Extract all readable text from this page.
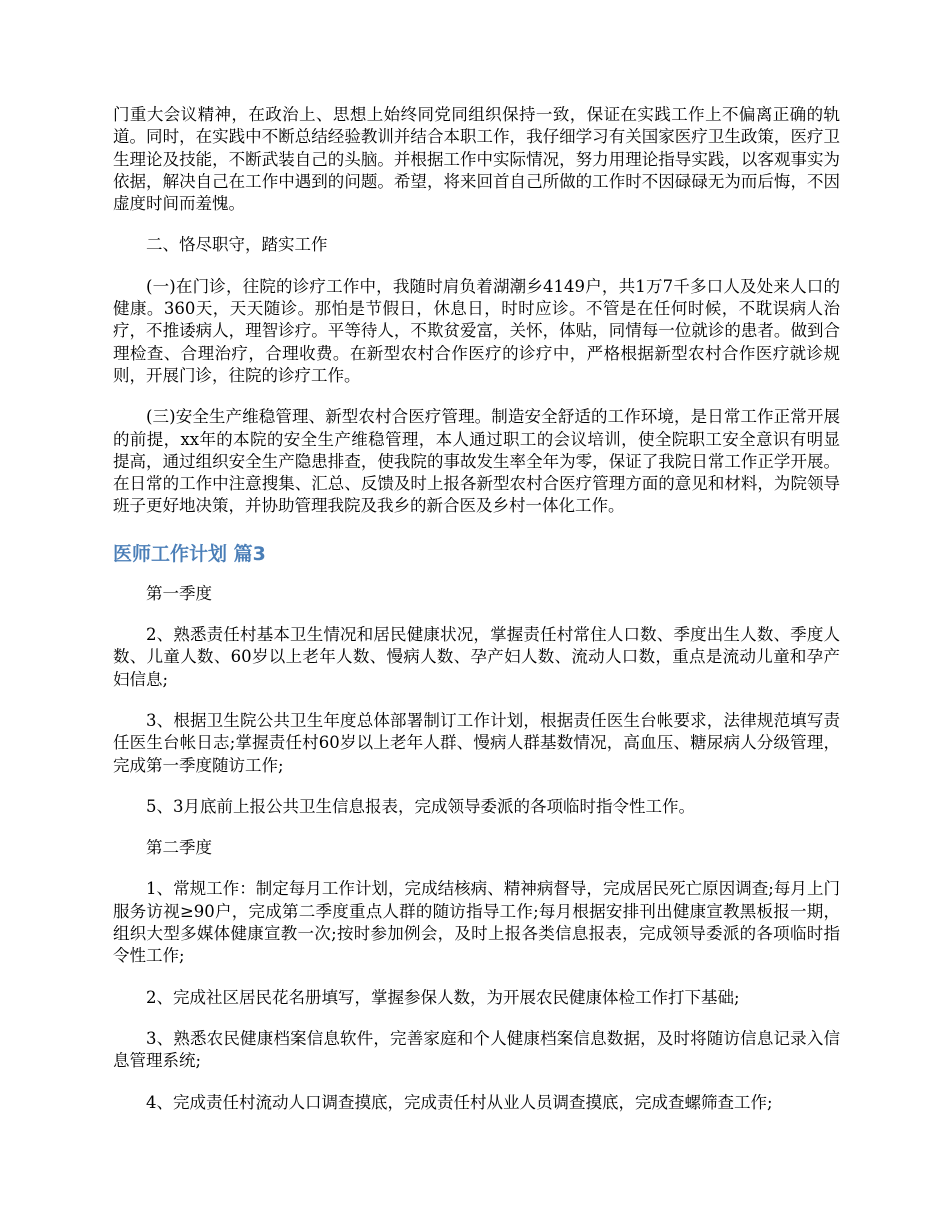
门重大会议精神，在政治上、思想上始终同党同组织保持一致，保证在实践工作上不偏离正确的轨道。同时，在实践中不断总结经验教训并结合本职工作，我仔细学习有关国家医疗卫生政策，医疗卫生理论及技能，不断武装自己的头脑。并根据工作中实际情况，努力用理论指导实践，以客观事实为依据，解决自己在工作中遇到的问题。希望，将来回首自己所做的工作时不因碌碌无为而后悔，不因虚度时间而羞愧。

二、恪尽职守，踏实工作

(一)在门诊，往院的诊疗工作中，我随时肩负着湖潮乡4149户，共1万7千多口人及处来人口的健康。360天，天天随诊。那怕是节假日，休息日，时时应诊。不管是在任何时候，不耽误病人治疗，不推诿病人，理智诊疗。平等待人，不欺贫爱富，关怀，体贴，同情每一位就诊的患者。做到合理检查、合理治疗，合理收费。在新型农村合作医疗的诊疗中，严格根据新型农村合作医疗就诊规则，开展门诊，往院的诊疗工作。

(三)安全生产维稳管理、新型农村合医疗管理。制造安全舒适的工作环境，是日常工作正常开展的前提，xx年的本院的安全生产维稳管理，本人通过职工的会议培训，使全院职工安全意识有明显提高，通过组织安全生产隐患排查，使我院的事故发生率全年为零，保证了我院日常工作正学开展。在日常的工作中注意搜集、汇总、反馈及时上报各新型农村合医疗管理方面的意见和材料，为院领导班子更好地决策，并协助管理我院及我乡的新合医及乡村一体化工作。

医师工作计划 篇3

第一季度

2、熟悉责任村基本卫生情况和居民健康状况，掌握责任村常住人口数、季度出生人数、季度人数、儿童人数、60岁以上老年人数、慢病人数、孕产妇人数、流动人口数，重点是流动儿童和孕产妇信息;

3、根据卫生院公共卫生年度总体部署制订工作计划，根据责任医生台帐要求，法律规范填写责任医生台帐日志;掌握责任村60岁以上老年人群、慢病人群基数情况，高血压、糖尿病人分级管理，完成第一季度随访工作;

5、3月底前上报公共卫生信息报表，完成领导委派的各项临时指令性工作。

第二季度

1、常规工作：制定每月工作计划，完成结核病、精神病督导，完成居民死亡原因调查;每月上门服务访视≥90户，完成第二季度重点人群的随访指导工作;每月根据安排刊出健康宣教黑板报一期，组织大型多媒体健康宣教一次;按时参加例会，及时上报各类信息报表，完成领导委派的各项临时指令性工作;

2、完成社区居民花名册填写，掌握参保人数，为开展农民健康体检工作打下基础;

3、熟悉农民健康档案信息软件，完善家庭和个人健康档案信息数据，及时将随访信息记录入信息管理系统;

4、完成责任村流动人口调查摸底，完成责任村从业人员调查摸底，完成查螺筛查工作;
